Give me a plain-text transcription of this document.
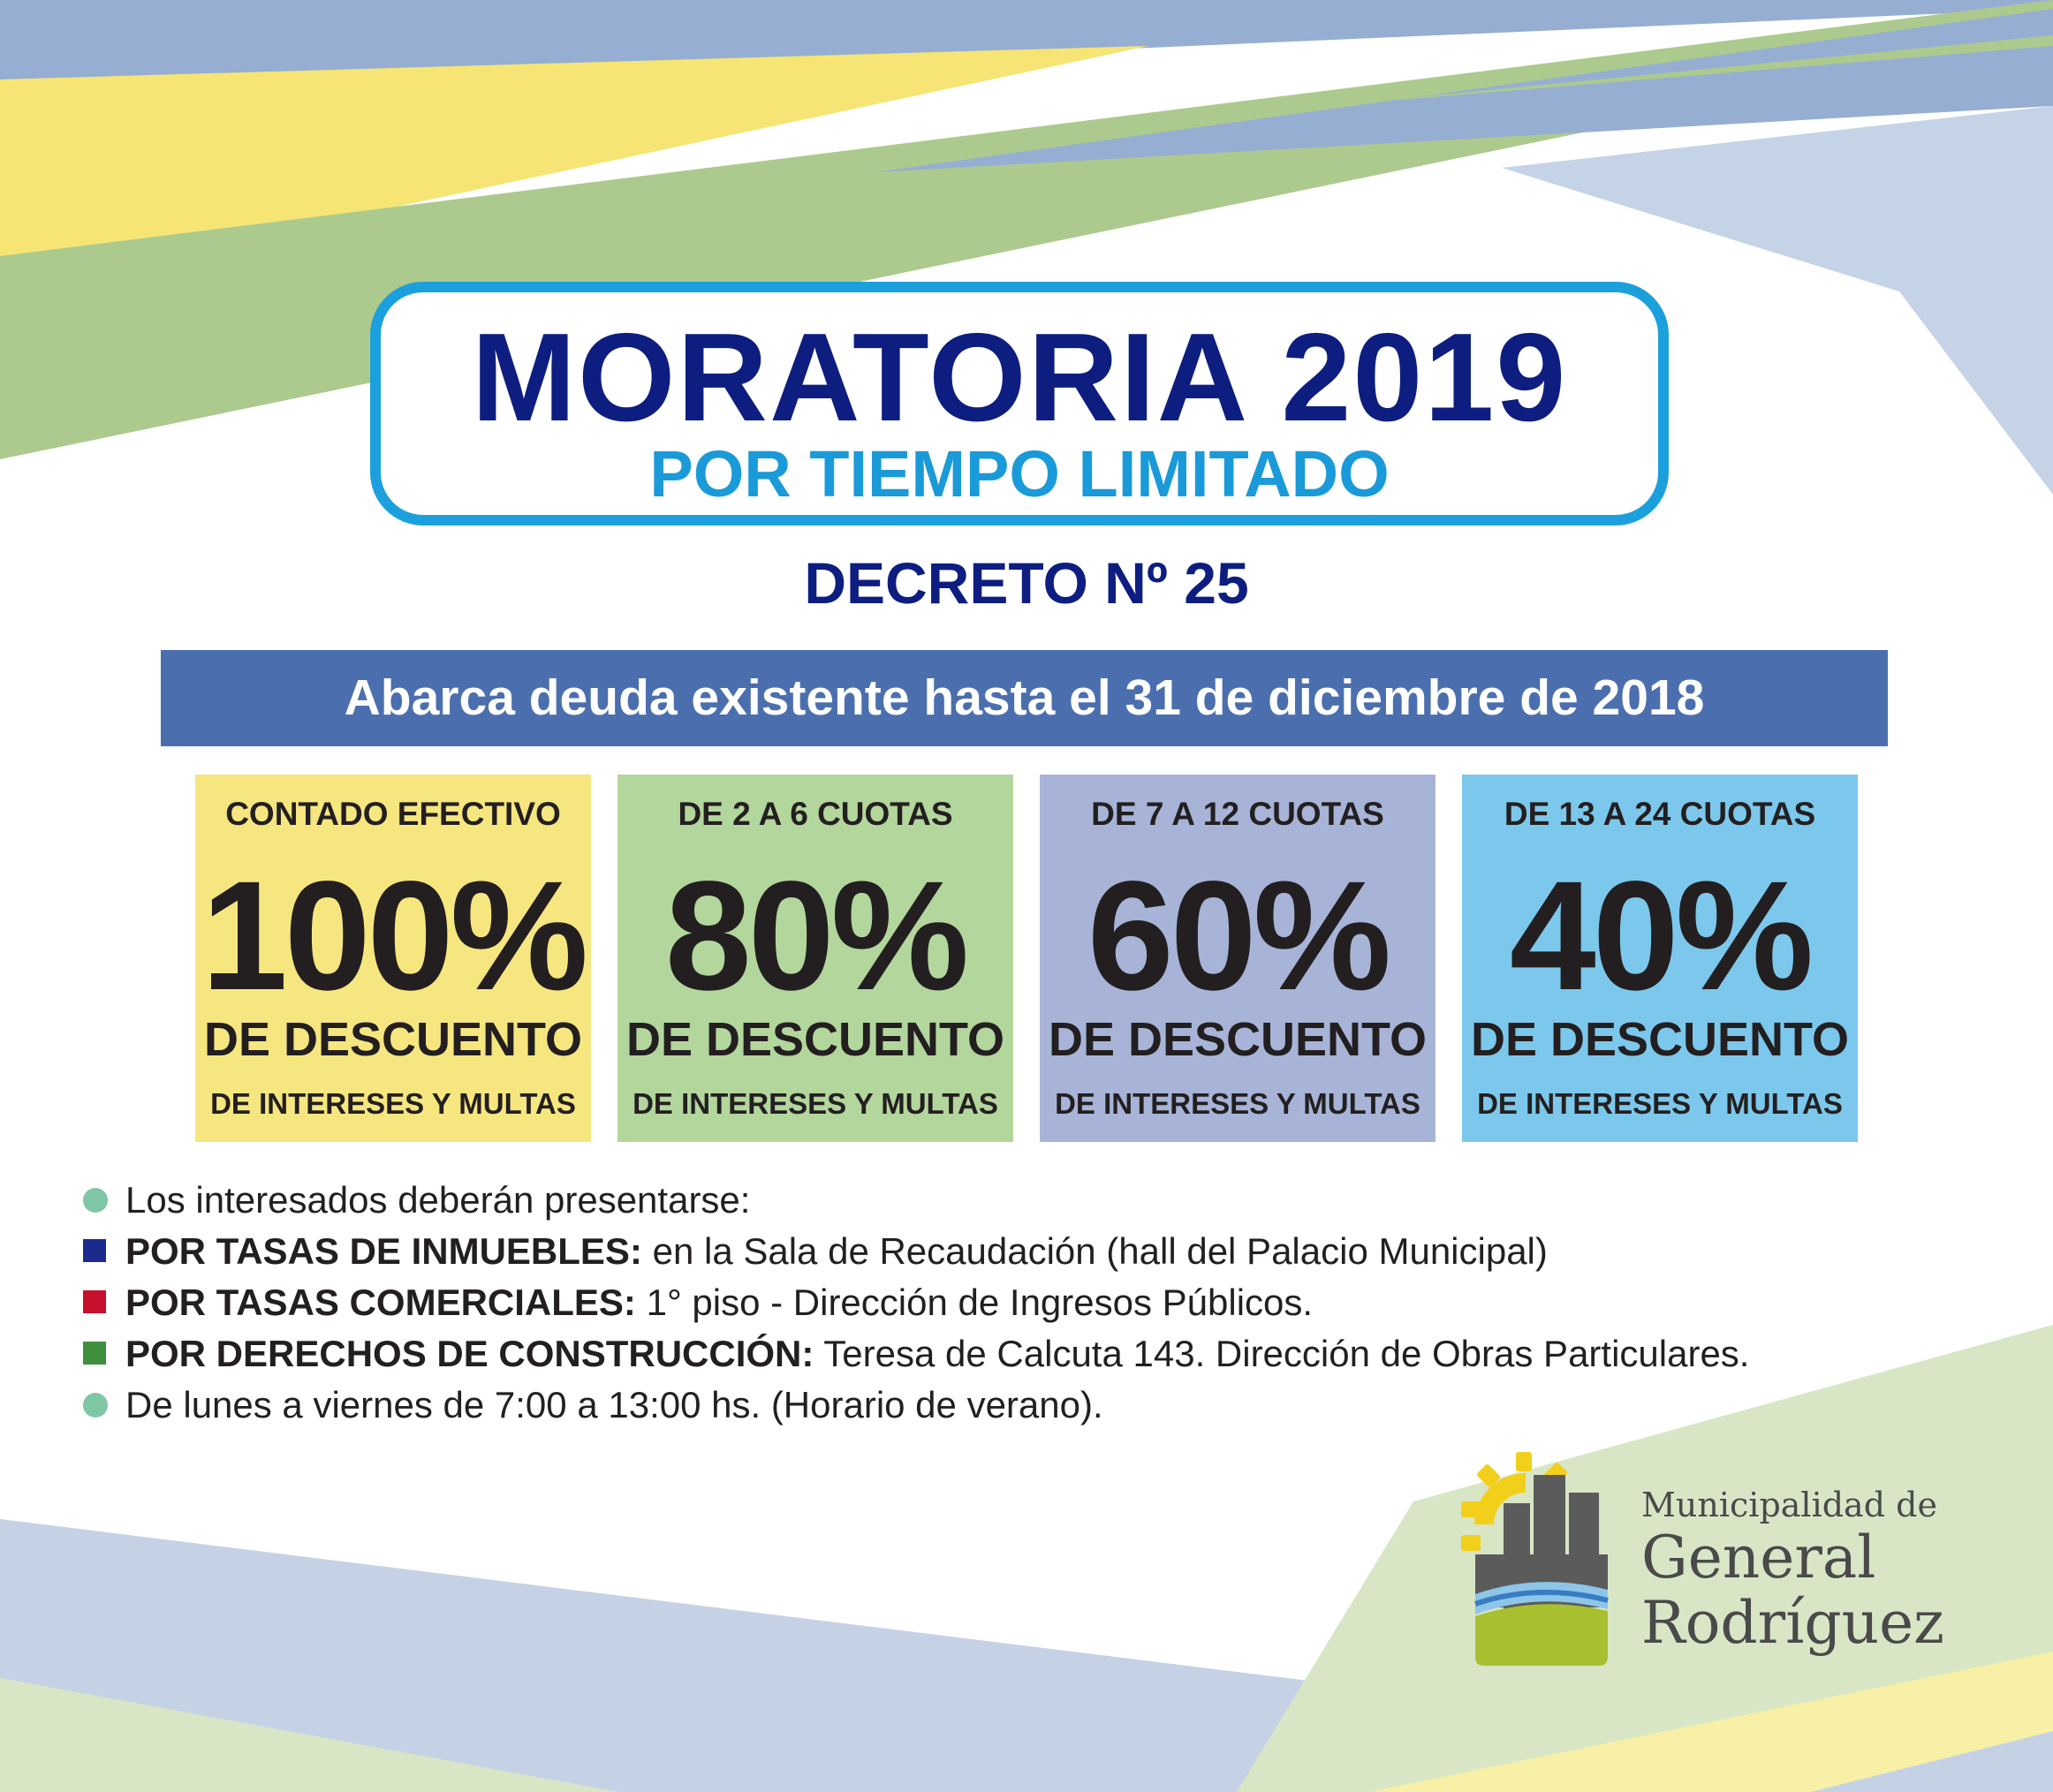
MORATORIA 2019
POR TIEMPO LIMITADO
DECRETO Nº 25
Abarca deuda existente hasta el 31 de diciembre de 2018
CONTADO EFECTIVO
100%
DE DESCUENTO
DE INTERESES Y MULTAS
DE 2 A 6 CUOTAS
80%
DE DESCUENTO
DE INTERESES Y MULTAS
DE 7 A 12 CUOTAS
60%
DE DESCUENTO
DE INTERESES Y MULTAS
DE 13 A 24 CUOTAS
40%
DE DESCUENTO
DE INTERESES Y MULTAS
Los interesados deberán presentarse:
POR TASAS DE INMUEBLES: en la Sala de Recaudación (hall del Palacio Municipal)
POR TASAS COMERCIALES: 1° piso - Dirección de Ingresos Públicos.
POR DERECHOS DE CONSTRUCCIÓN: Teresa de Calcuta 143. Dirección de Obras Particulares.
De lunes a viernes de 7:00 a 13:00 hs. (Horario de verano).
Municipalidad de
General
Rodríguez
